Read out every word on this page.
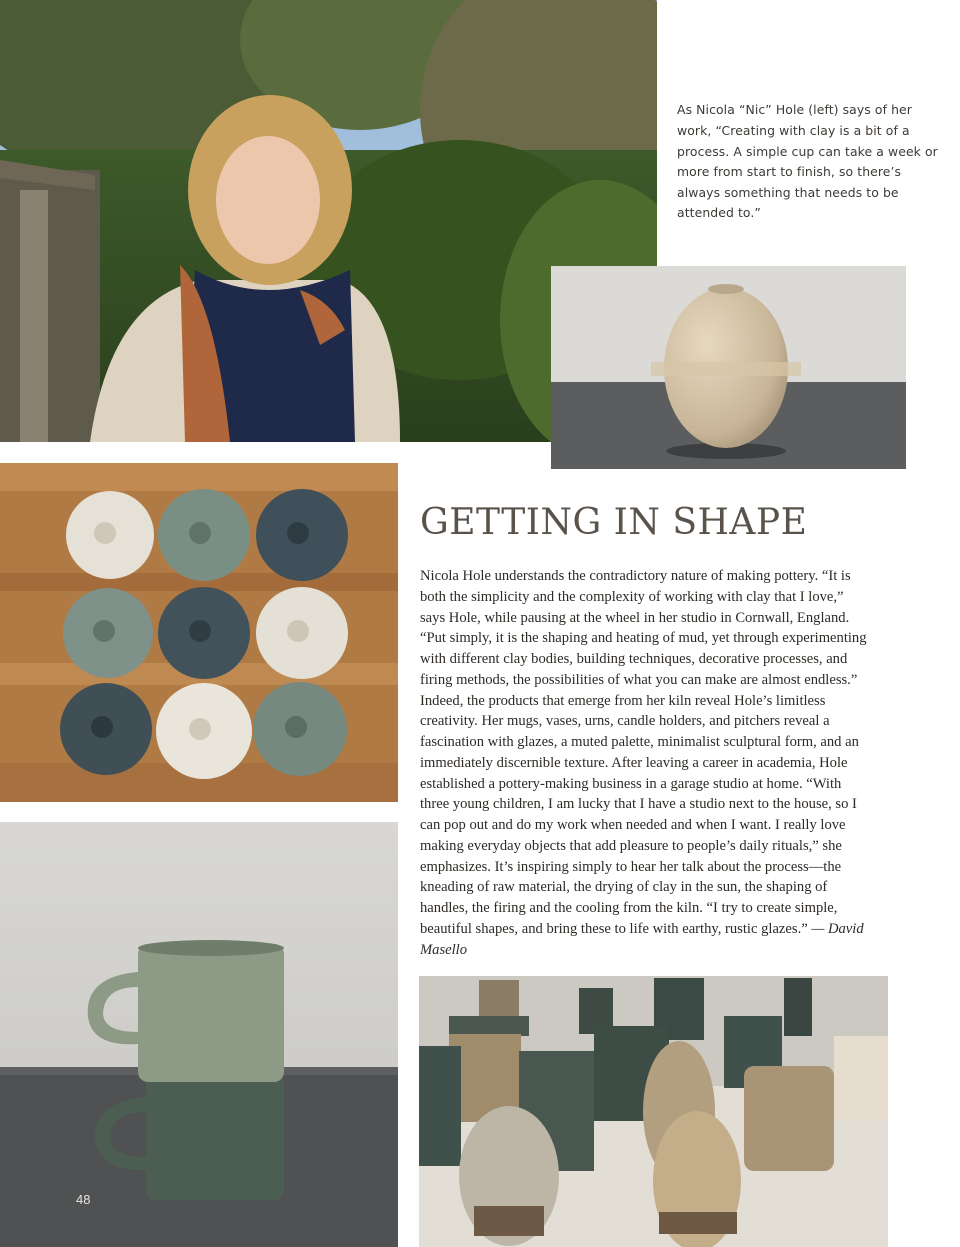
As Nicola “Nic” Hole (left) says of her work, “Creating with clay is a bit of a process. A simple cup can take a week or more from start to finish, so there’s always something that needs to be attended to.”

GETTING IN SHAPE

Nicola Hole understands the contradictory nature of making pottery. “It is both the simplicity and the complexity of working with clay that I love,” says Hole, while pausing at the wheel in her studio in Cornwall, England. “Put simply, it is the shaping and heating of mud, yet through experimenting with different clay bodies, building techniques, decorative processes, and firing methods, the possibilities of what you can make are almost endless.” Indeed, the products that emerge from her kiln reveal Hole’s limitless creativity. Her mugs, vases, urns, candle holders, and pitchers reveal a fascination with glazes, a muted palette, minimalist sculptural form, and an immediately discernible texture. After leaving a career in academia, Hole established a pottery-making business in a garage studio at home. “With three young children, I am lucky that I have a studio next to the house, so I can pop out and do my work when needed and when I want. I really love making everyday objects that add pleasure to people’s daily rituals,” she emphasizes. It’s inspiring simply to hear her talk about the process—the kneading of raw material, the drying of clay in the sun, the shaping of handles, the firing and the cooling from the kiln. “I try to create simple, beautiful shapes, and bring these to life with earthy, rustic glazes.” — David Masello

48
